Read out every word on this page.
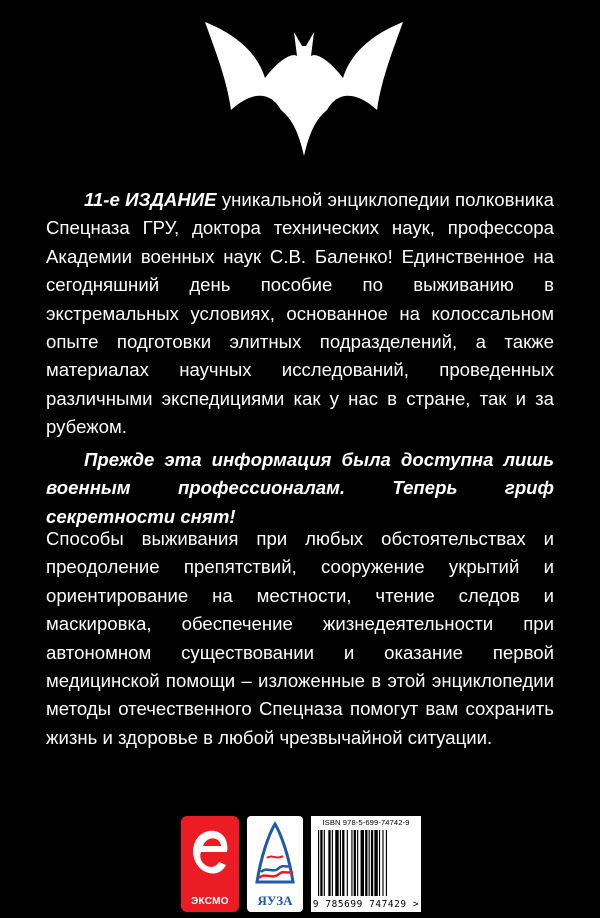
11-е ИЗДАНИЕ уникальной энциклопедии полковника Спецназа ГРУ, доктора технических наук, профессора Академии военных наук С.В. Баленко! Единственное на сегодняшний день пособие по выживанию в экстремальных условиях, основанное на колоссальном опыте подготовки элитных подразделений, а также материалах научных исследований, проведенных различными экспедициями как у нас в стране, так и за рубежом.

Прежде эта информация была доступна лишь военным профессионалам. Теперь гриф секретности снят!

Способы выживания при любых обстоятельствах и преодоление препятствий, сооружение укрытий и ориентирование на местности, чтение следов и маскировка, обеспечение жизнедеятельности при автономном существовании и оказание первой медицинской помощи – изложенные в этой энциклопедии методы отечественного Спецназа помогут вам сохранить жизнь и здоровье в любой чрезвычайной ситуации.

ЭКСМО	ЯУЗА
ISBN 978-5-699-74742-9
9 785699 747429 >
